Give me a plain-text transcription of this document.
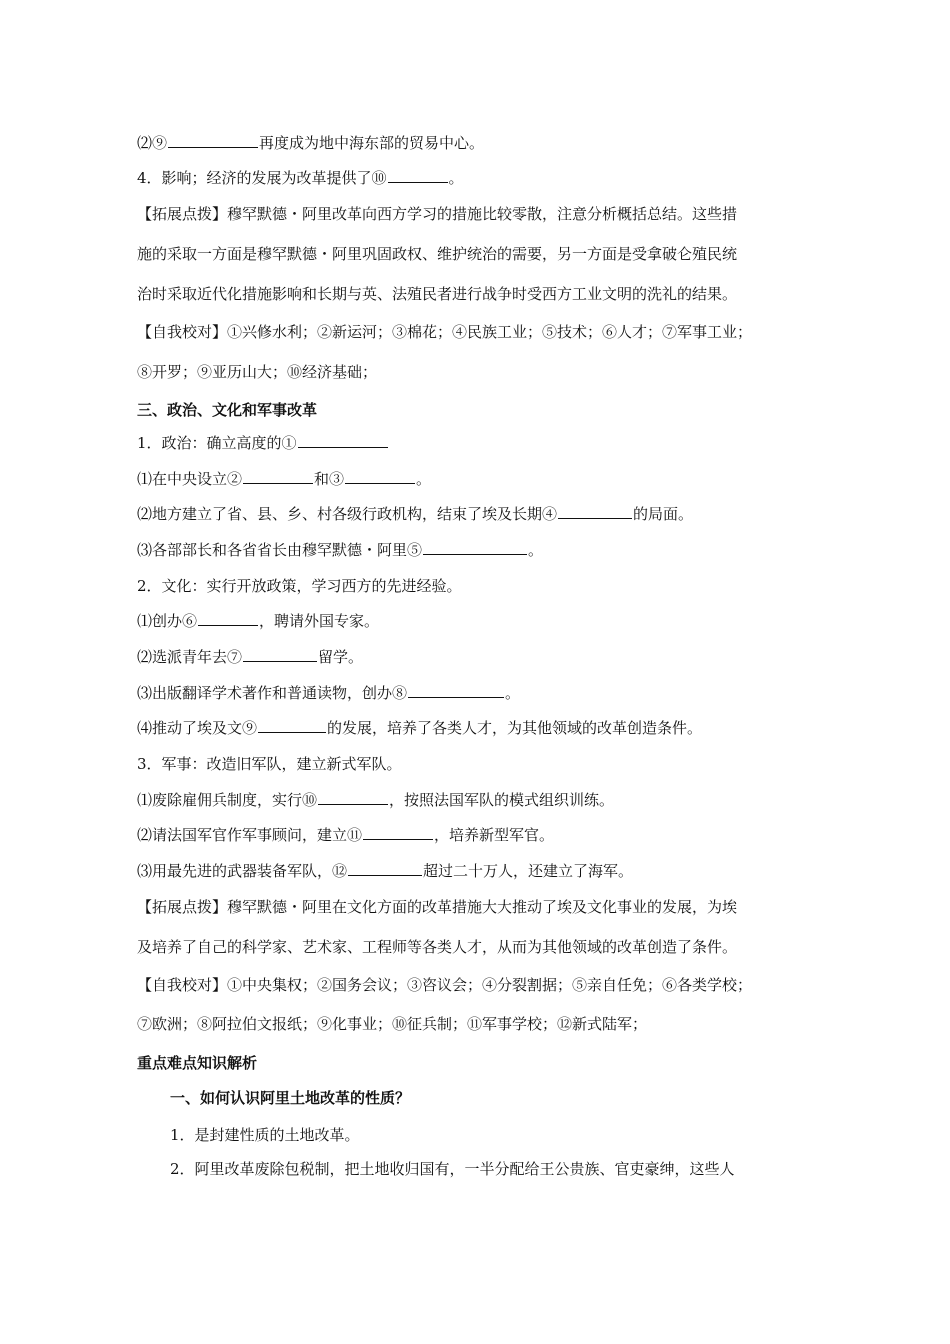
⑵⑨	再度成为地中海东部的贸易中心。
4．影响；经济的发展为改革提供了⑩	。
【拓展点拨】穆罕默德・阿里改革向西方学习的措施比较零散，注意分析概括总结。这些措
施的采取一方面是穆罕默德・阿里巩固政权、维护统治的需要，另一方面是受拿破仑殖民统
治时采取近代化措施影响和长期与英、法殖民者进行战争时受西方工业文明的洗礼的结果。
【自我校对】①兴修水利；②新运河；③棉花；④民族工业；⑤技术；⑥人才；⑦军事工业；
⑧开罗；⑨亚历山大；⑩经济基础；
三、政治、文化和军事改革
1．政治：确立高度的①
⑴在中央设立②	和③	。
⑵地方建立了省、县、乡、村各级行政机构，结束了埃及长期④	的局面。
⑶各部部长和各省省长由穆罕默德・阿里⑤	。
2．文化：实行开放政策，学习西方的先进经验。
⑴创办⑥	，聘请外国专家。
⑵选派青年去⑦	留学。
⑶出版翻译学术著作和普通读物，创办⑧	。
⑷推动了埃及文⑨	的发展，培养了各类人才，为其他领域的改革创造条件。
3．军事：改造旧军队，建立新式军队。
⑴废除雇佣兵制度，实行⑩	，按照法国军队的模式组织训练。
⑵请法国军官作军事顾问，建立⑪	，培养新型军官。
⑶用最先进的武器装备军队，⑫	超过二十万人，还建立了海军。
【拓展点拨】穆罕默德・阿里在文化方面的改革措施大大推动了埃及文化事业的发展，为埃
及培养了自己的科学家、艺术家、工程师等各类人才，从而为其他领域的改革创造了条件。
【自我校对】①中央集权；②国务会议；③咨议会；④分裂割据；⑤亲自任免；⑥各类学校；
⑦欧洲；⑧阿拉伯文报纸；⑨化事业；⑩征兵制；⑪军事学校；⑫新式陆军；
重点难点知识解析
一、如何认识阿里土地改革的性质？
1．是封建性质的土地改革。
2．阿里改革废除包税制，把土地收归国有，一半分配给王公贵族、官吏豪绅，这些人
